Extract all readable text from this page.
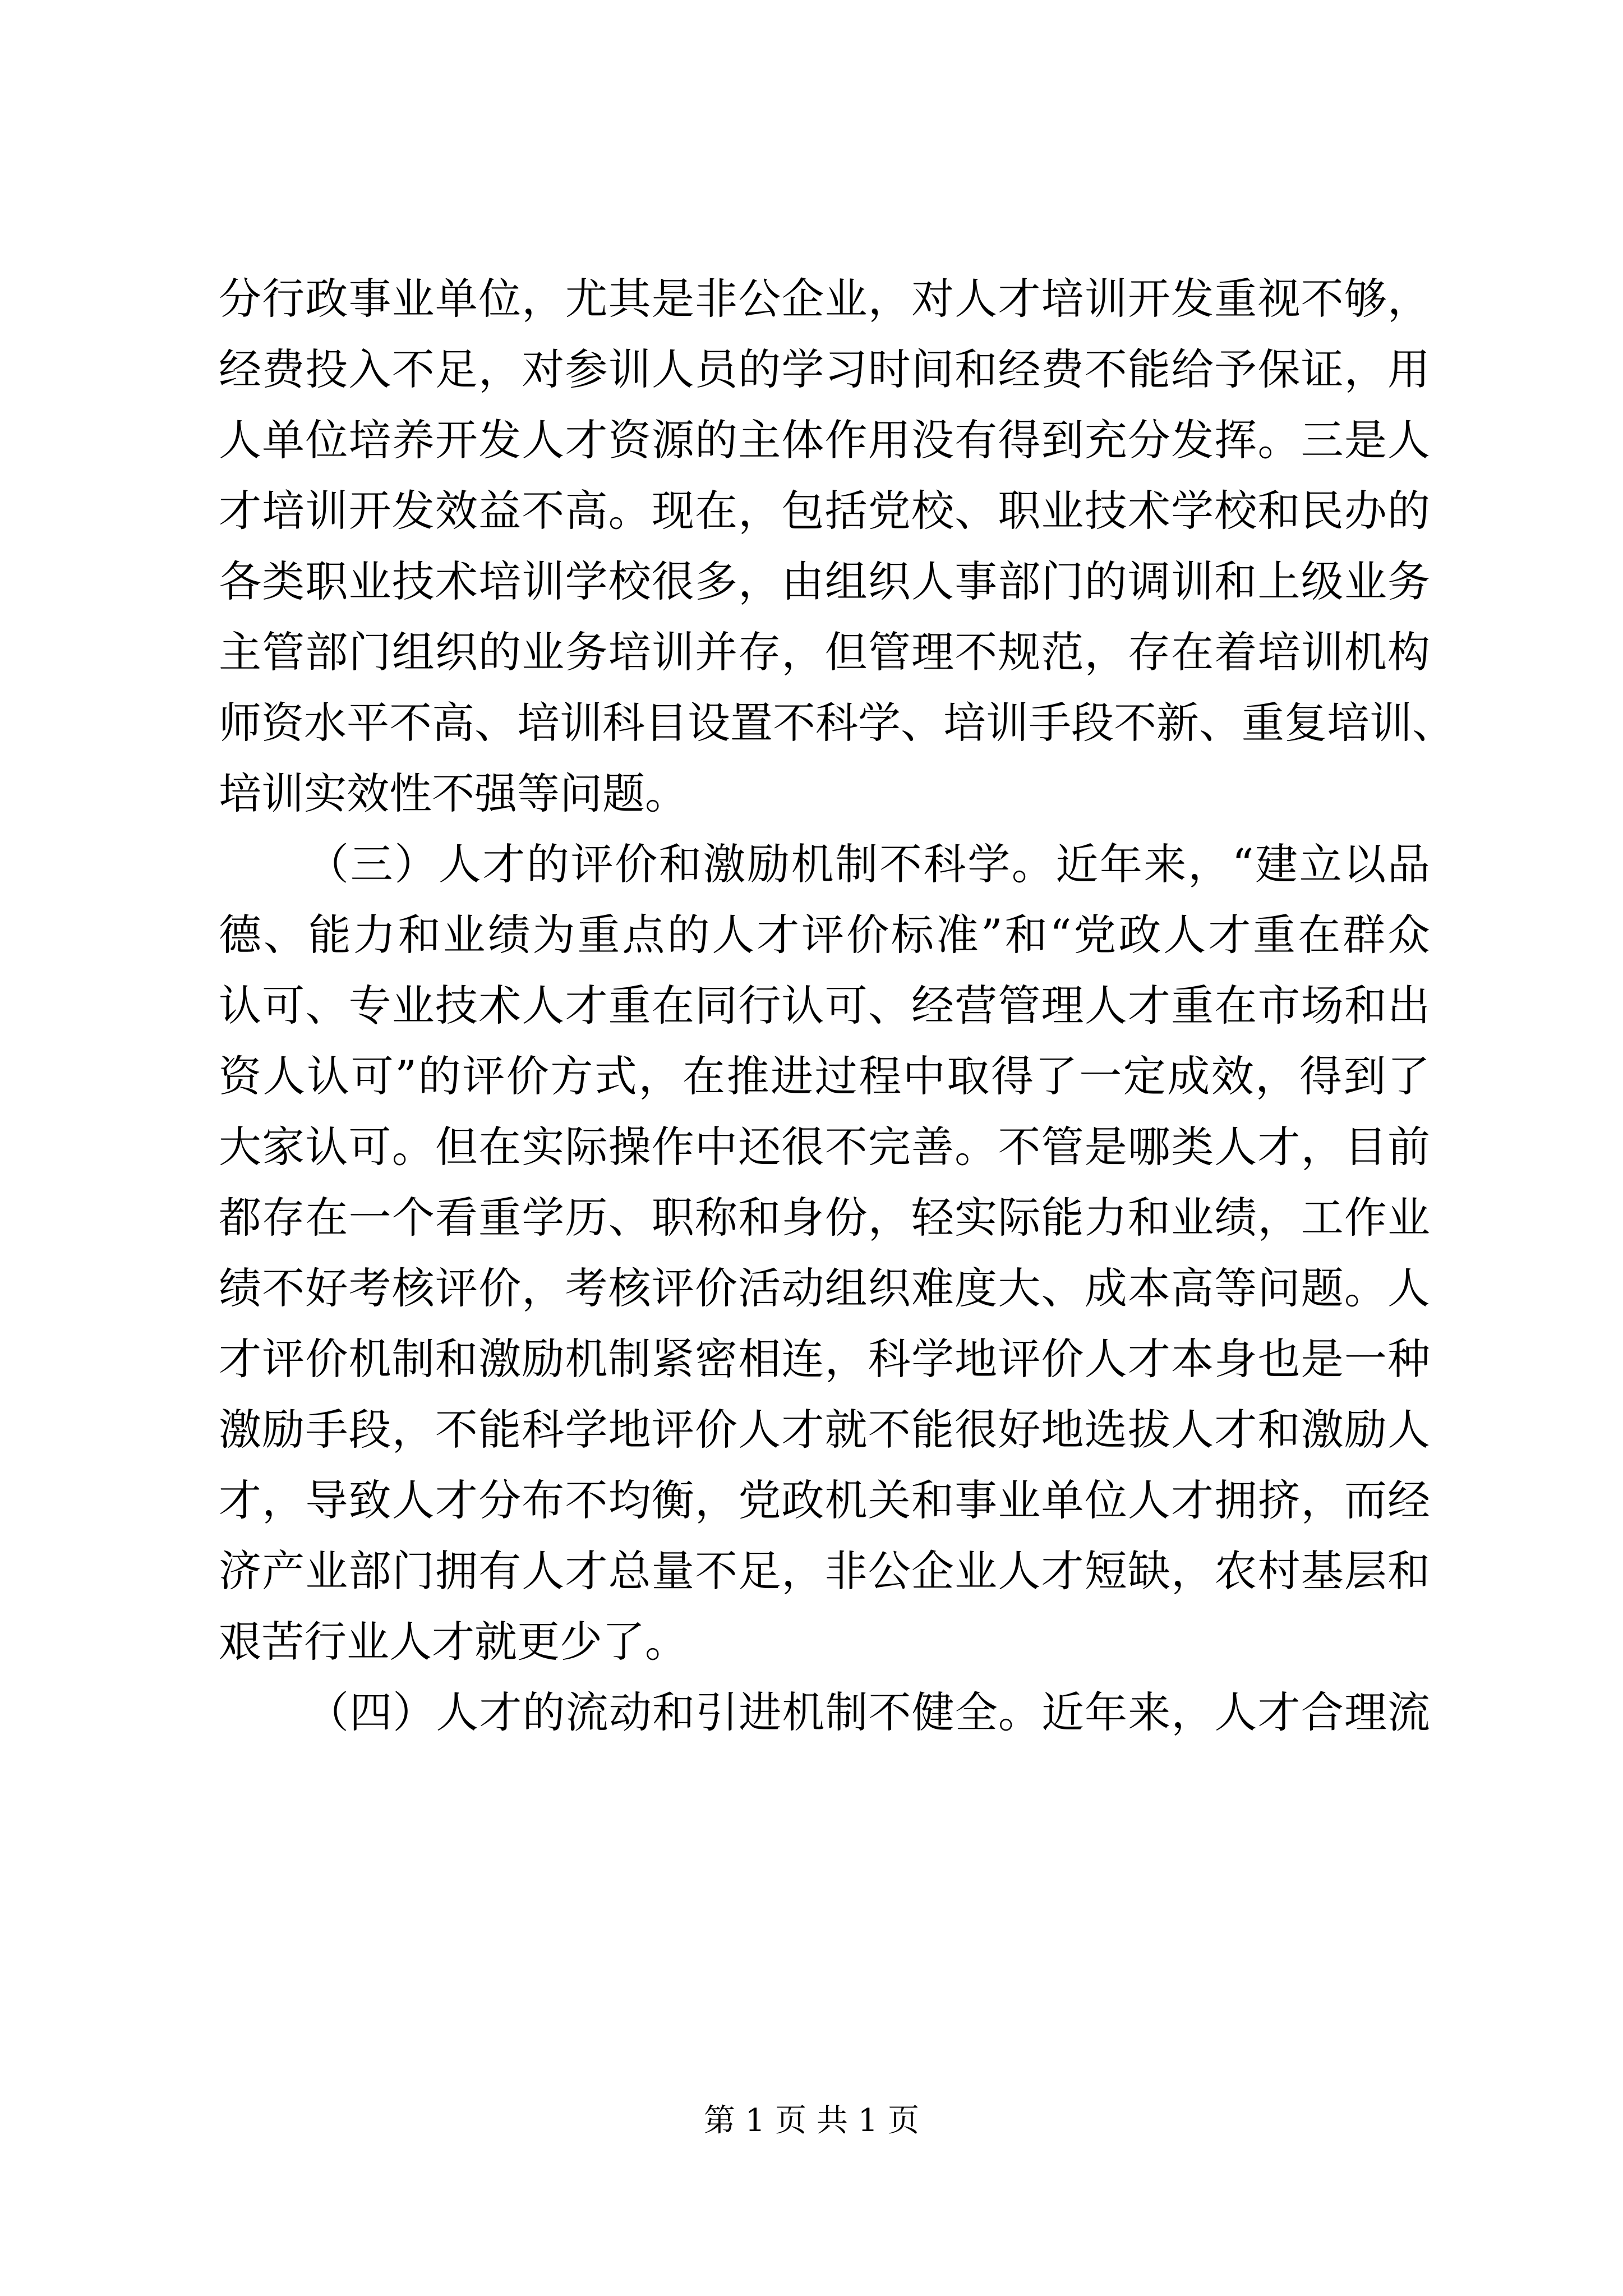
分行政事业单位，尤其是非公企业，对人才培训开发重视不够，
经费投入不足，对参训人员的学习时间和经费不能给予保证，用
人单位培养开发人才资源的主体作用没有得到充分发挥。三是人
才培训开发效益不高。现在，包括党校、职业技术学校和民办的
各类职业技术培训学校很多，由组织人事部门的调训和上级业务
主管部门组织的业务培训并存，但管理不规范，存在着培训机构
师资水平不高、培训科目设置不科学、培训手段不新、重复培训、
培训实效性不强等问题。
（三）人才的评价和激励机制不科学。近年来，“建立以品
德、能力和业绩为重点的人才评价标准”和“党政人才重在群众
认可、专业技术人才重在同行认可、经营管理人才重在市场和出
资人认可”的评价方式，在推进过程中取得了一定成效，得到了
大家认可。但在实际操作中还很不完善。不管是哪类人才，目前
都存在一个看重学历、职称和身份，轻实际能力和业绩，工作业
绩不好考核评价，考核评价活动组织难度大、成本高等问题。人
才评价机制和激励机制紧密相连，科学地评价人才本身也是一种
激励手段，不能科学地评价人才就不能很好地选拔人才和激励人
才，导致人才分布不均衡，党政机关和事业单位人才拥挤，而经
济产业部门拥有人才总量不足，非公企业人才短缺，农村基层和
艰苦行业人才就更少了。
（四）人才的流动和引进机制不健全。近年来，人才合理流
第 1 页 共 1 页
